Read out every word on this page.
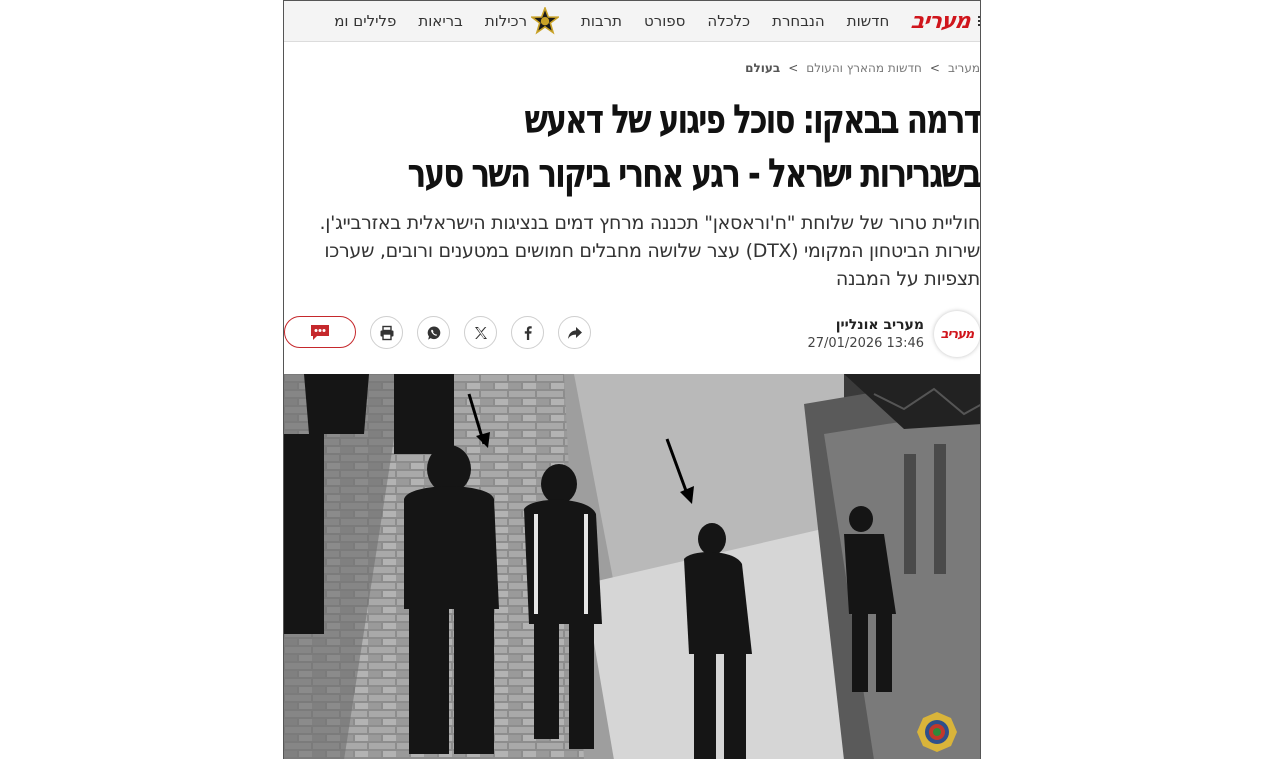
מעריב
חדשות
הנבחרת
כלכלה
ספורט
תרבות
רכילות
בריאות
פלילים ומ
מעריב>חדשות מהארץ והעולם>בעולם
דרמה בבאקו: סוכל פיגוע של דאעש
בשגרירות ישראל - רגע אחרי ביקור השר סער

חוליית טרור של שלוחת "ח'וראסאן" תכננה מרחץ דמים בנציגות הישראלית באזרבייג'ן. שירות הביטחון המקומי (DTX) עצר שלושה מחבלים חמושים במטענים ורובים, שערכו תצפיות על המבנה

מעריב
מעריב אונליין
27/01/2026 13:46
